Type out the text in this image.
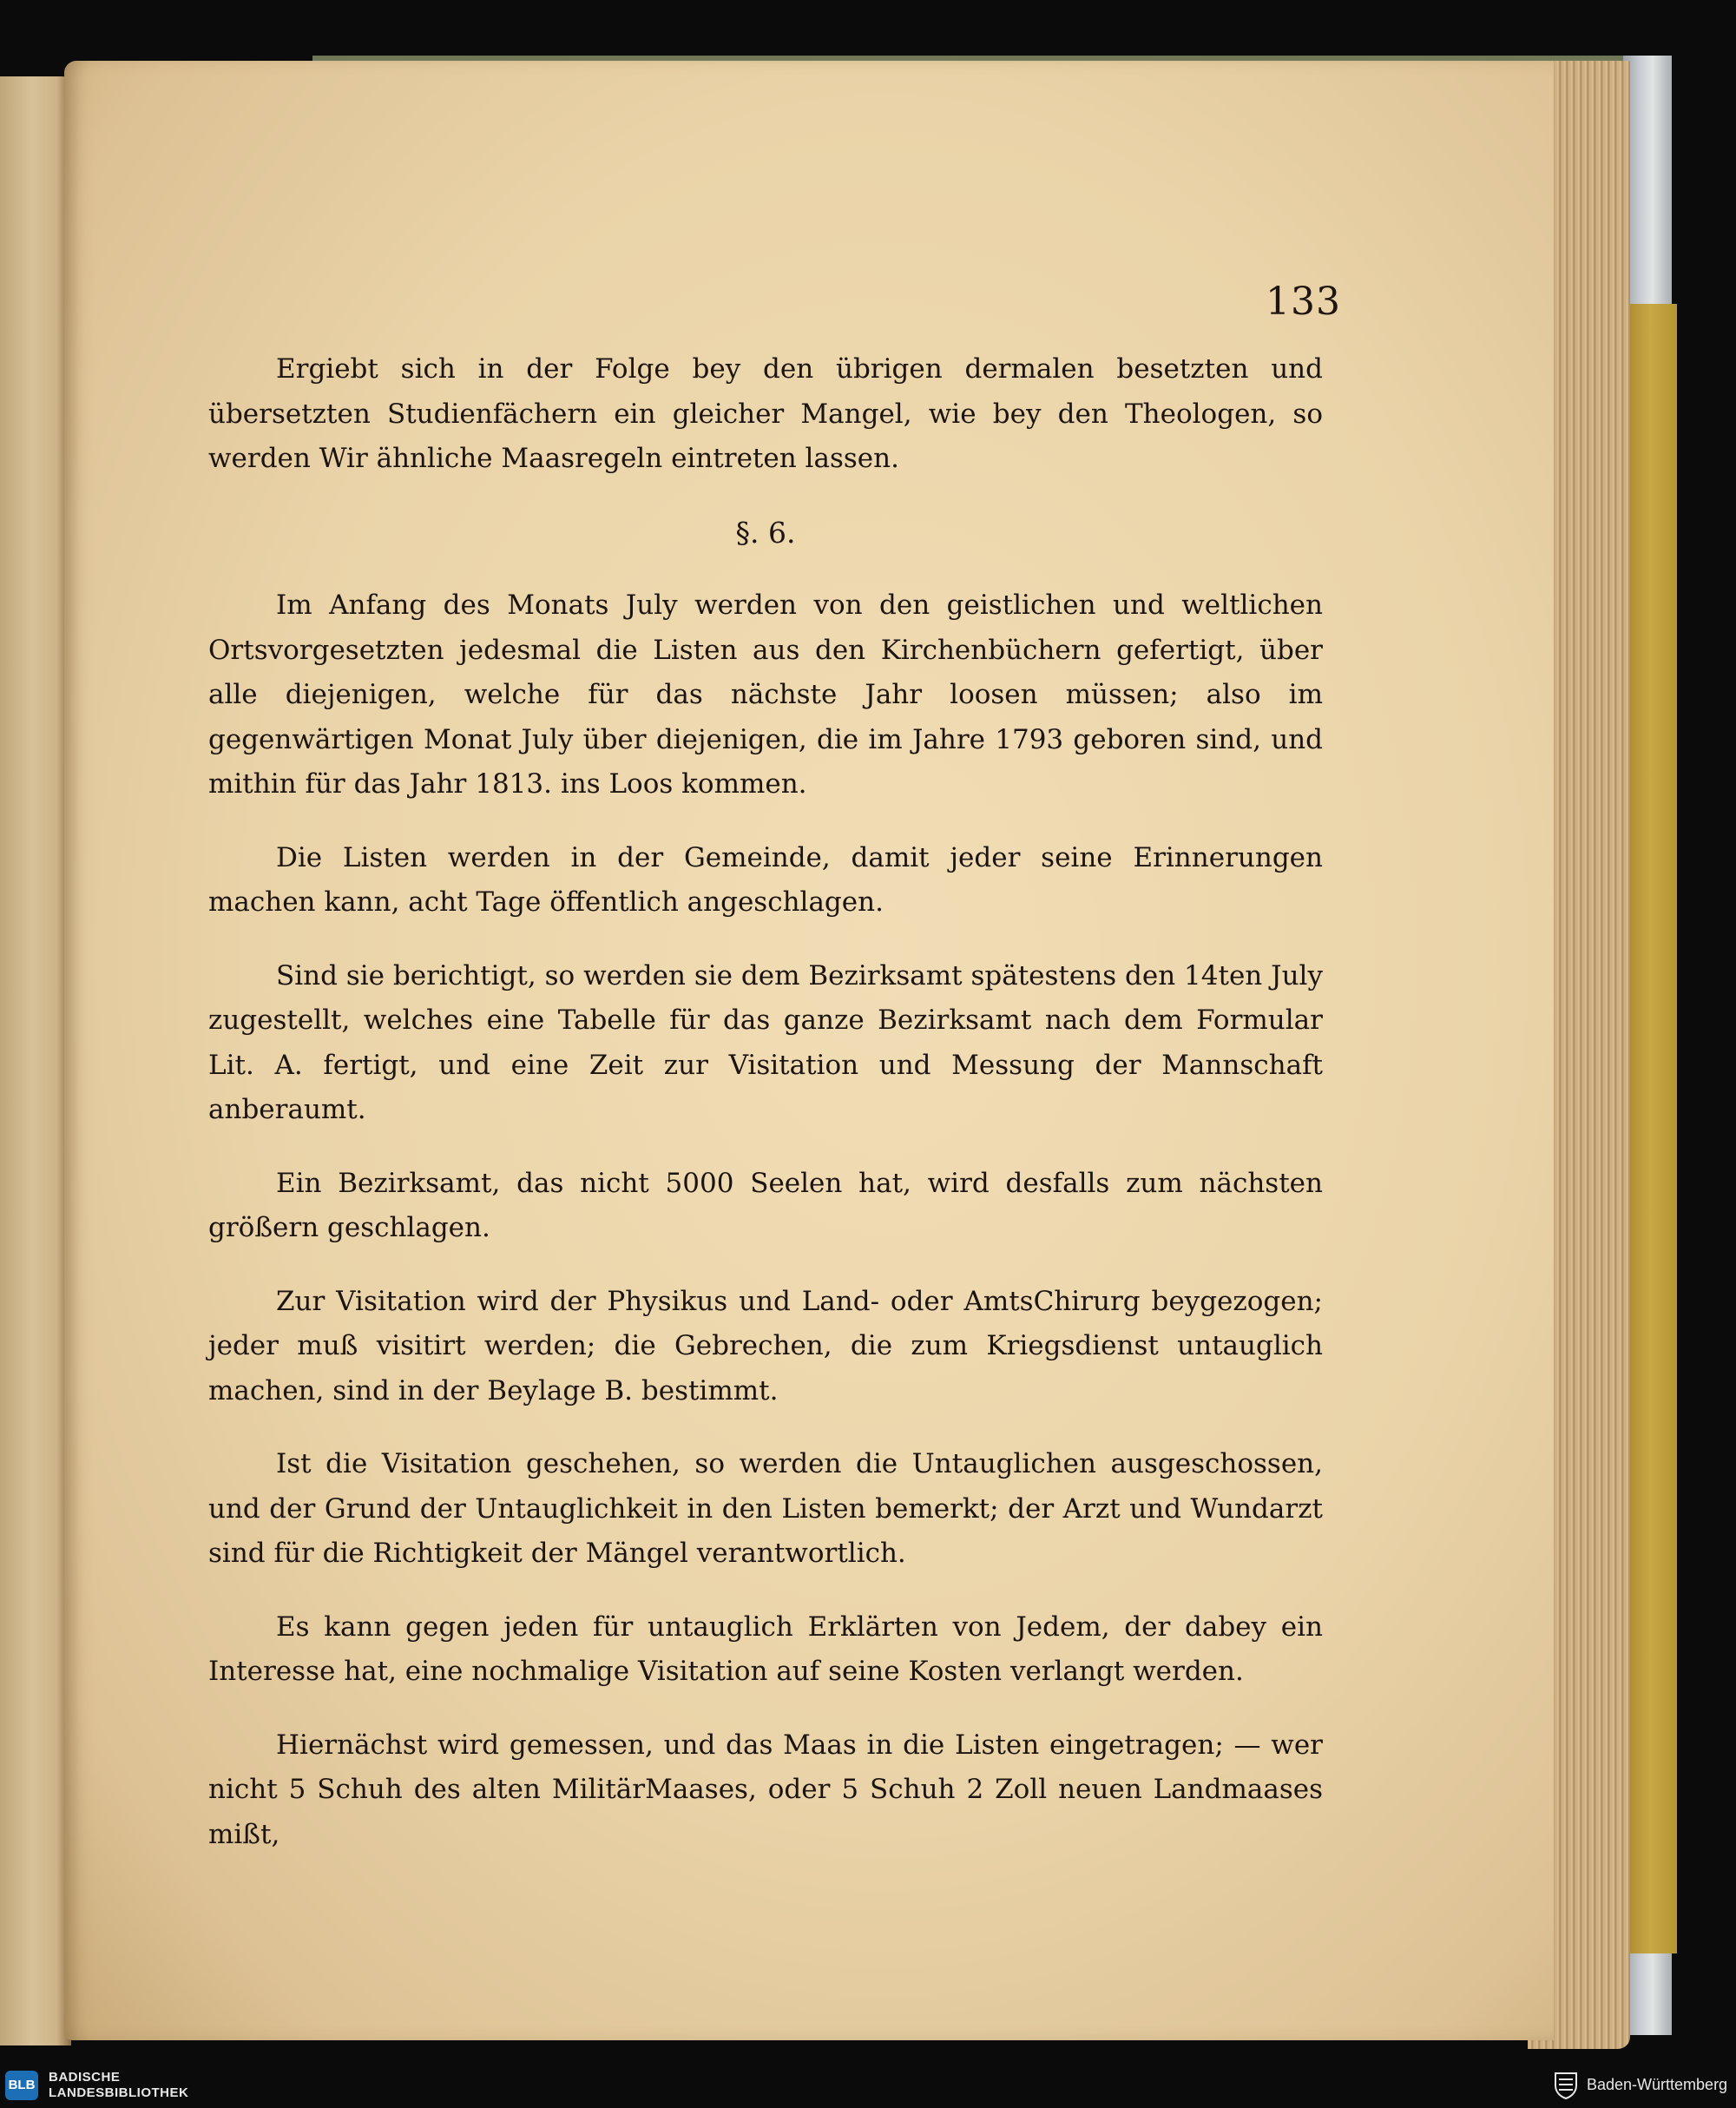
133

Ergiebt sich in der Folge bey den übrigen dermalen besetzten und übersetzten Studienfächern ein gleicher Mangel, wie bey den Theologen, so werden Wir ähnliche Maasregeln eintreten lassen.

§. 6.

Im Anfang des Monats July werden von den geistlichen und weltlichen Ortsvorgesetzten jedesmal die Listen aus den Kirchenbüchern gefertigt, über alle diejenigen, welche für das nächste Jahr loosen müssen; also im gegenwärtigen Monat July über diejenigen, die im Jahre 1793 geboren sind, und mithin für das Jahr 1813. ins Loos kommen.

Die Listen werden in der Gemeinde, damit jeder seine Erinnerungen machen kann, acht Tage öffentlich angeschlagen.

Sind sie berichtigt, so werden sie dem Bezirksamt spätestens den 14ten July zugestellt, welches eine Tabelle für das ganze Bezirksamt nach dem Formular Lit. A. fertigt, und eine Zeit zur Visitation und Messung der Mannschaft anberaumt.

Ein Bezirksamt, das nicht 5000 Seelen hat, wird desfalls zum nächsten größern geschlagen.

Zur Visitation wird der Physikus und Land- oder AmtsChirurg beygezogen; jeder muß visitirt werden; die Gebrechen, die zum Kriegsdienst untauglich machen, sind in der Beylage B. bestimmt.

Ist die Visitation geschehen, so werden die Untauglichen ausgeschossen, und der Grund der Untauglichkeit in den Listen bemerkt; der Arzt und Wundarzt sind für die Richtigkeit der Mängel verantwortlich.

Es kann gegen jeden für untauglich Erklärten von Jedem, der dabey ein Interesse hat, eine nochmalige Visitation auf seine Kosten verlangt werden.

Hiernächst wird gemessen, und das Maas in die Listen eingetragen; — wer nicht 5 Schuh des alten MilitärMaases, oder 5 Schuh 2 Zoll neuen Landmaases mißt,

BLB
BADISCHE
LANDESBIBLIOTHEK	Baden-Württemberg
